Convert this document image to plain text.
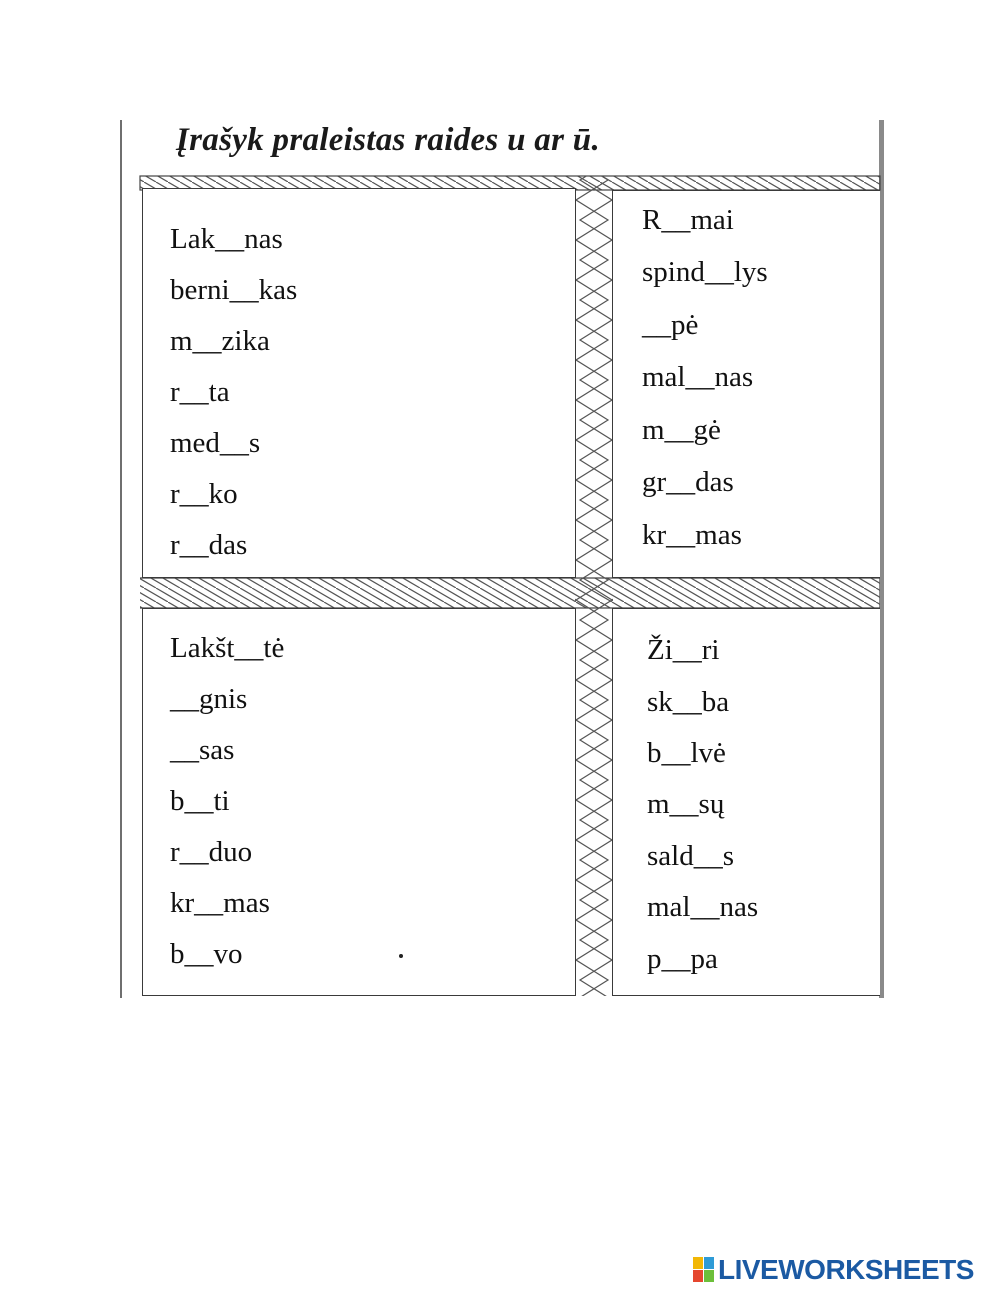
Įrašyk praleistas raides u ar ū.
Lak__nas
berni__kas
m__zika
r__ta
med__s
r__ko
r__das
R__mai
spind__lys
__pė
mal__nas
m__gė
gr__das
kr__mas
Lakšt__tė
__gnis
__sas
b__ti
r__duo
kr__mas
b__vo
Ži__ri
sk__ba
b__lvė
m__sų
sald__s
mal__nas
p__pa
LIVEWORKSHEETS
